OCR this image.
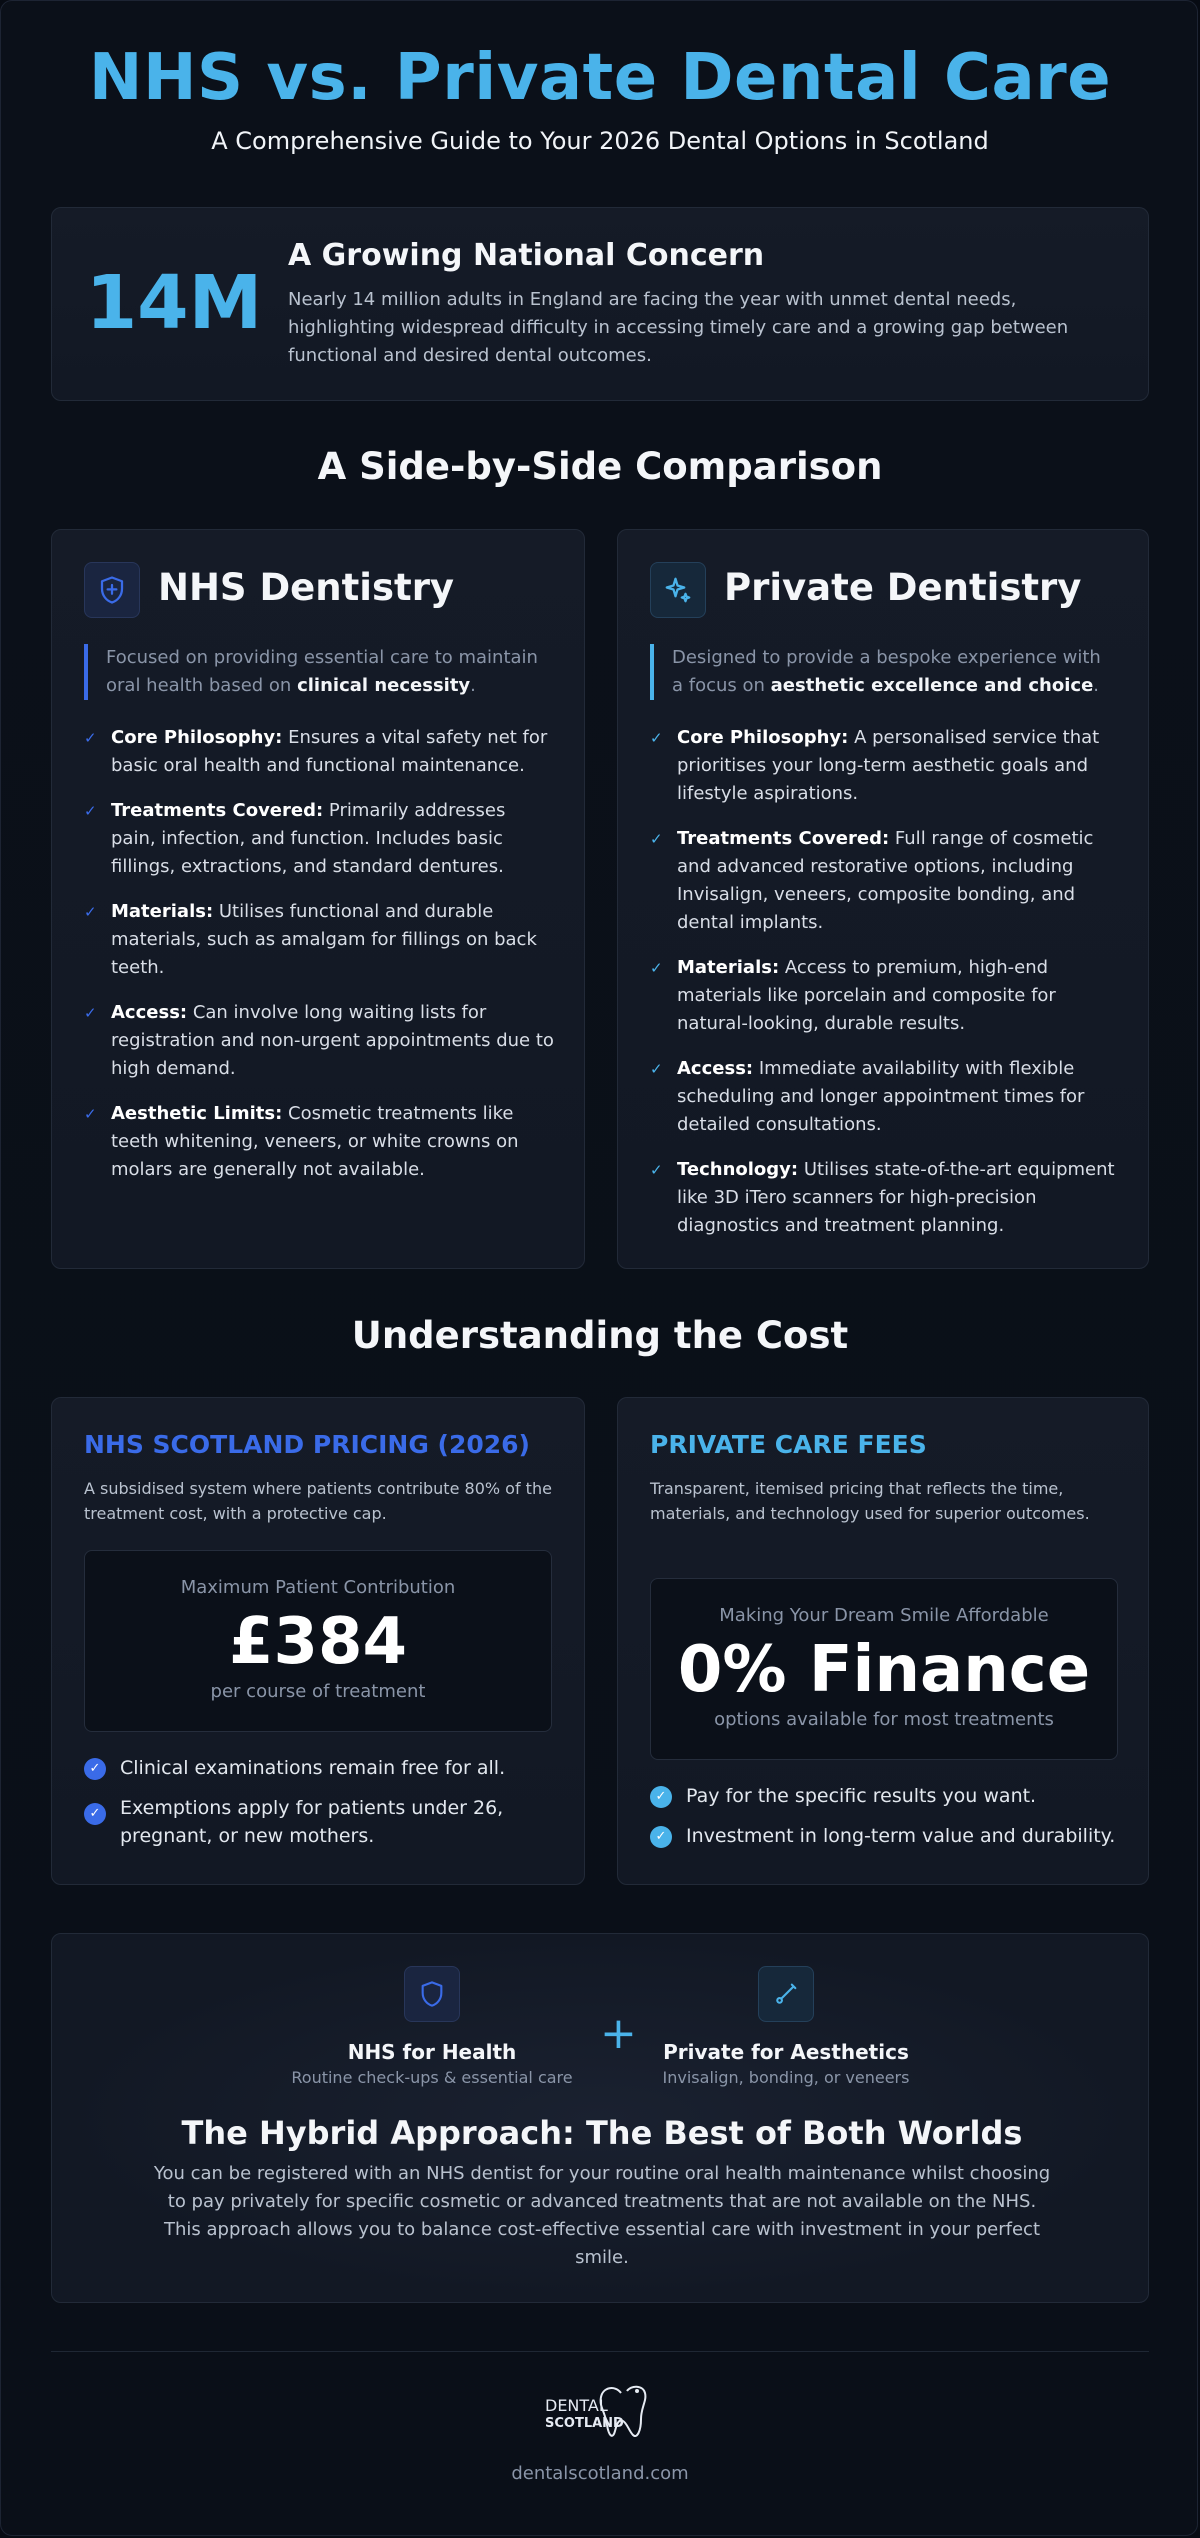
NHS vs. Private Dental Care
A Comprehensive Guide to Your 2026 Dental Options in Scotland
14M
A Growing National Concern
Nearly 14 million adults in England are facing the year with unmet dental needs, highlighting widespread difficulty in accessing timely care and a growing gap between functional and desired dental outcomes.
A Side-by-Side Comparison
NHS Dentistry
Focused on providing essential care to maintain oral health based on clinical necessity.
✓ Core Philosophy: Ensures a vital safety net for basic oral health and functional maintenance.
✓ Treatments Covered: Primarily addresses pain, infection, and function. Includes basic fillings, extractions, and standard dentures.
✓ Materials: Utilises functional and durable materials, such as amalgam for fillings on back teeth.
✓ Access: Can involve long waiting lists for registration and non-urgent appointments due to high demand.
✓ Aesthetic Limits: Cosmetic treatments like teeth whitening, veneers, or white crowns on molars are generally not available.
Private Dentistry
Designed to provide a bespoke experience with a focus on aesthetic excellence and choice.
✓ Core Philosophy: A personalised service that prioritises your long-term aesthetic goals and lifestyle aspirations.
✓ Treatments Covered: Full range of cosmetic and advanced restorative options, including Invisalign, veneers, composite bonding, and dental implants.
✓ Materials: Access to premium, high-end materials like porcelain and composite for natural-looking, durable results.
✓ Access: Immediate availability with flexible scheduling and longer appointment times for detailed consultations.
✓ Technology: Utilises state-of-the-art equipment like 3D iTero scanners for high-precision diagnostics and treatment planning.
Understanding the Cost
NHS SCOTLAND PRICING (2026)
A subsidised system where patients contribute 80% of the treatment cost, with a protective cap.
Maximum Patient Contribution
£384
per course of treatment
✓ Clinical examinations remain free for all.
✓ Exemptions apply for patients under 26, pregnant, or new mothers.
PRIVATE CARE FEES
Transparent, itemised pricing that reflects the time, materials, and technology used for superior outcomes.
Making Your Dream Smile Affordable
0% Finance
options available for most treatments
✓ Pay for the specific results you want.
✓ Investment in long-term value and durability.
NHS for Health
Routine check-ups & essential care
+	Private for Aesthetics
Invisalign, bonding, or veneers
The Hybrid Approach: The Best of Both Worlds
You can be registered with an NHS dentist for your routine oral health maintenance whilst choosing to pay privately for specific cosmetic or advanced treatments that are not available on the NHS. This approach allows you to balance cost-effective essential care with investment in your perfect smile.
DENTAL
SCOTLAND
dentalscotland.com
